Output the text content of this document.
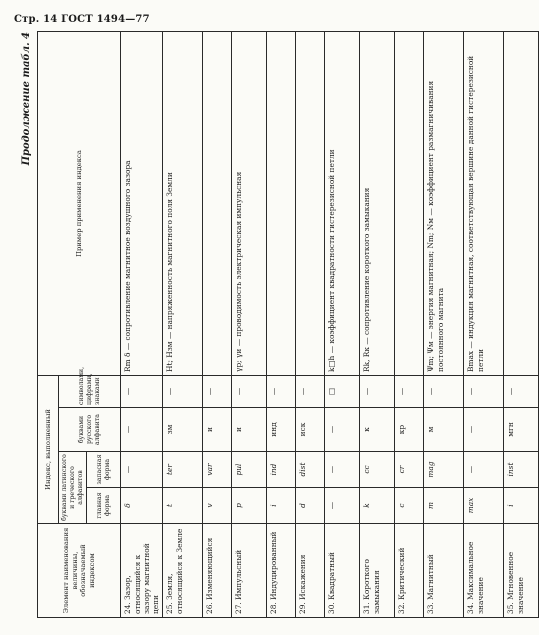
Стр. 14 ГОСТ 1494—77
Продолжение табл. 4
Элемент наименования величины, обозначаемый индексом	Индекс, выполненный				Пример применения индекса
	буквами латинского и греческого алфавитов		буквами русского алфавита	символами, цифрами, знаками	
	главная форма	запасная форма			
24. Зазор, относящийся к зазору магнитной цепи	δ	—	—	—	Rm δ — сопротивление магнитное воздушного зазора
25. Земля, относящийся к Земле	t	ter	зм	—	Ht; Hзм — напряженность магнитного поля Земли
26. Изменяющийся	v	var	и	—	
27. Импульсный	p	pul	и	—	γp; γи — проводимость электрическая импульсная
28. Индуцированный	i	ind	инд	—	
29. Искажения	d	dist	иск	—	
30. Квадратный	—	—	—	□	k□h — коэффициент квадратности гистерезисной петли
31. Короткого замыкания	k	cc	к	—	Rk, Rк — сопротивление короткого замыкания
32. Критический	c	cr	кр	—	
33. Магнитный	m	mag	м	—	Ψm; Ψм — энергия магнитная; Nm; Nм — коэффициент размагничивания постоянного магнита
34. Максимальное значение	max	—	—	—	Bmax — индукция магнитная, соответствующая вершине данной гистерезисной петли
35. Мгновенное значение	i	inst	мгн	—	
